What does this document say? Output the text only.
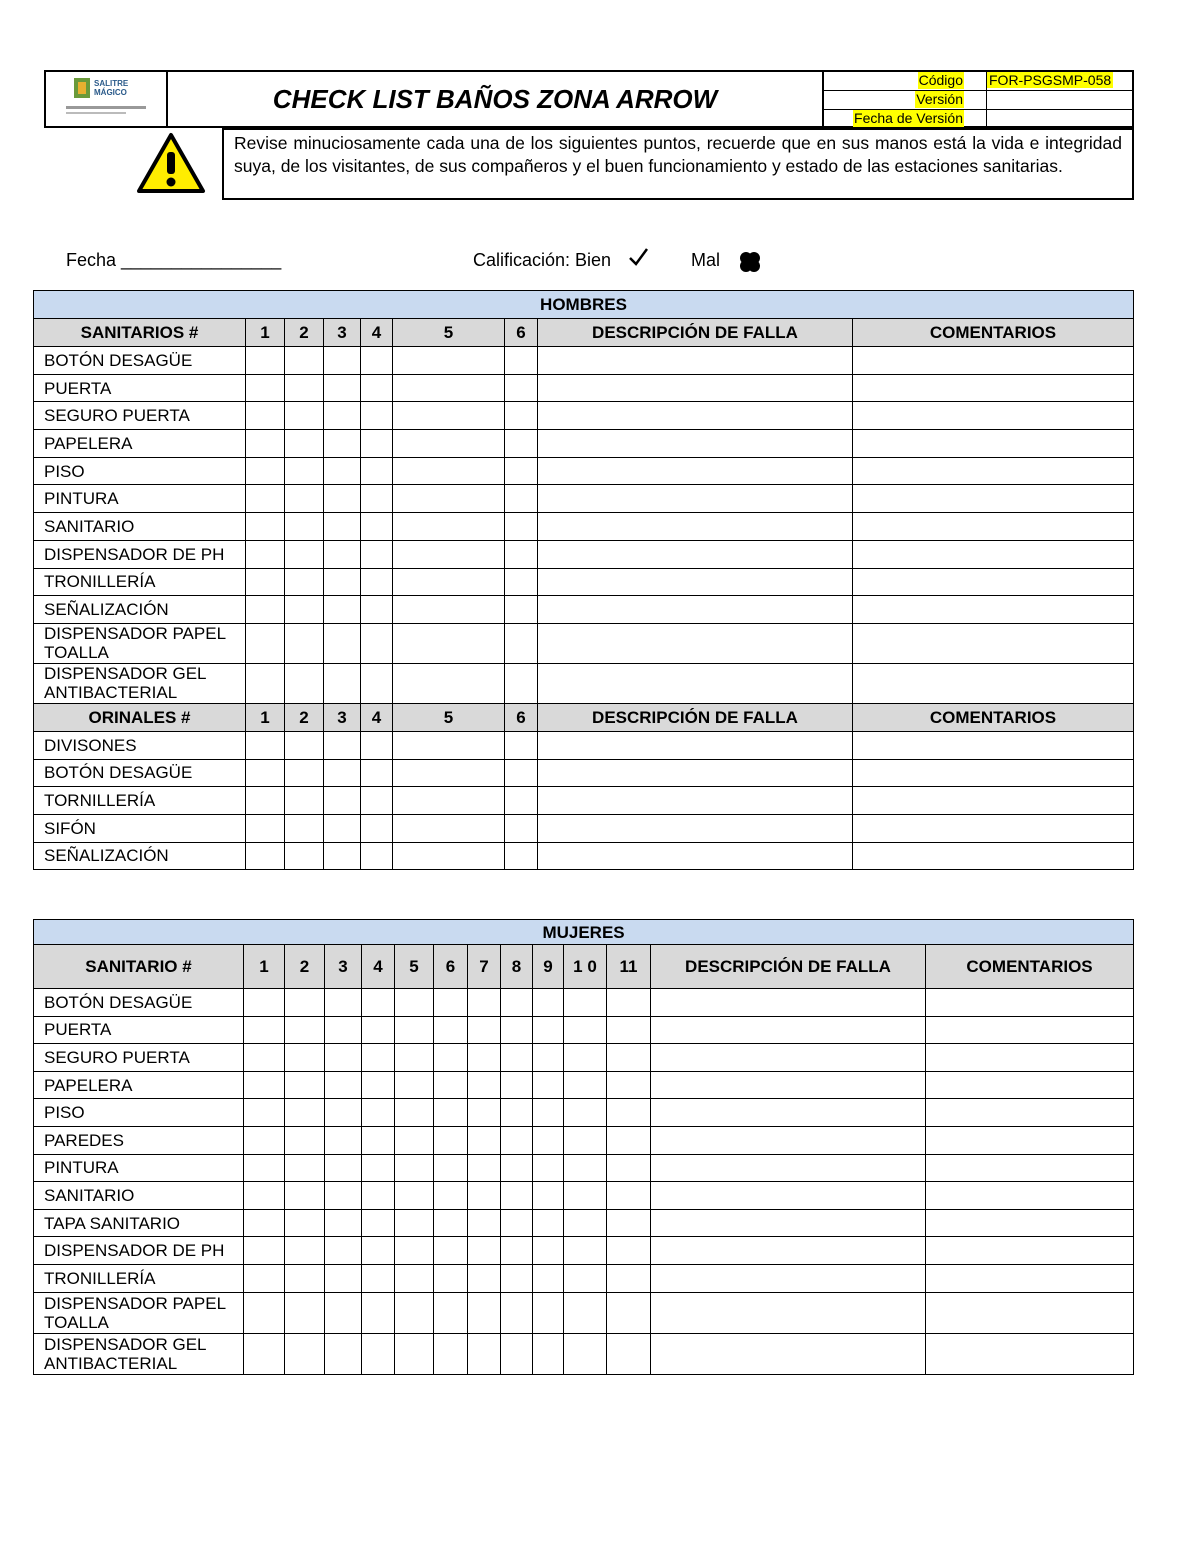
SALITRE
MÁGICO	CHECK LIST BAÑOS ZONA ARROW
Código FOR-PSGSMP-058
Versión
Fecha de Versión
Revise minuciosamente cada una de los siguientes puntos, recuerde que en sus manos está la vida e integridad suya, de los visitantes, de sus compañeros y el buen funcionamiento y estado de las estaciones sanitarias.
Fecha ________________	Calificación: Bien	Mal
HOMBRES								
SANITARIOS #	1	2	3	4	5	6	DESCRIPCIÓN DE FALLA	COMENTARIOS
BOTÓN DESAGÜE								
PUERTA								
SEGURO PUERTA								
PAPELERA								
PISO								
PINTURA								
SANITARIO								
DISPENSADOR DE PH								
TRONILLERÍA								
SEÑALIZACIÓN								
DISPENSADOR PAPEL TOALLA								
DISPENSADOR GEL ANTIBACTERIAL								
ORINALES #	1	2	3	4	5	6	DESCRIPCIÓN DE FALLA	COMENTARIOS
DIVISONES								
BOTÓN DESAGÜE								
TORNILLERÍA								
SIFÓN								
SEÑALIZACIÓN								
MUJERES													
SANITARIO #	1	2	3	4	5	6	7	8	9	1 0	11	DESCRIPCIÓN DE FALLA	COMENTARIOS
BOTÓN DESAGÜE													
PUERTA													
SEGURO PUERTA													
PAPELERA													
PISO													
PAREDES													
PINTURA													
SANITARIO													
TAPA SANITARIO													
DISPENSADOR DE PH													
TRONILLERÍA													
DISPENSADOR PAPEL TOALLA													
DISPENSADOR GEL ANTIBACTERIAL													
